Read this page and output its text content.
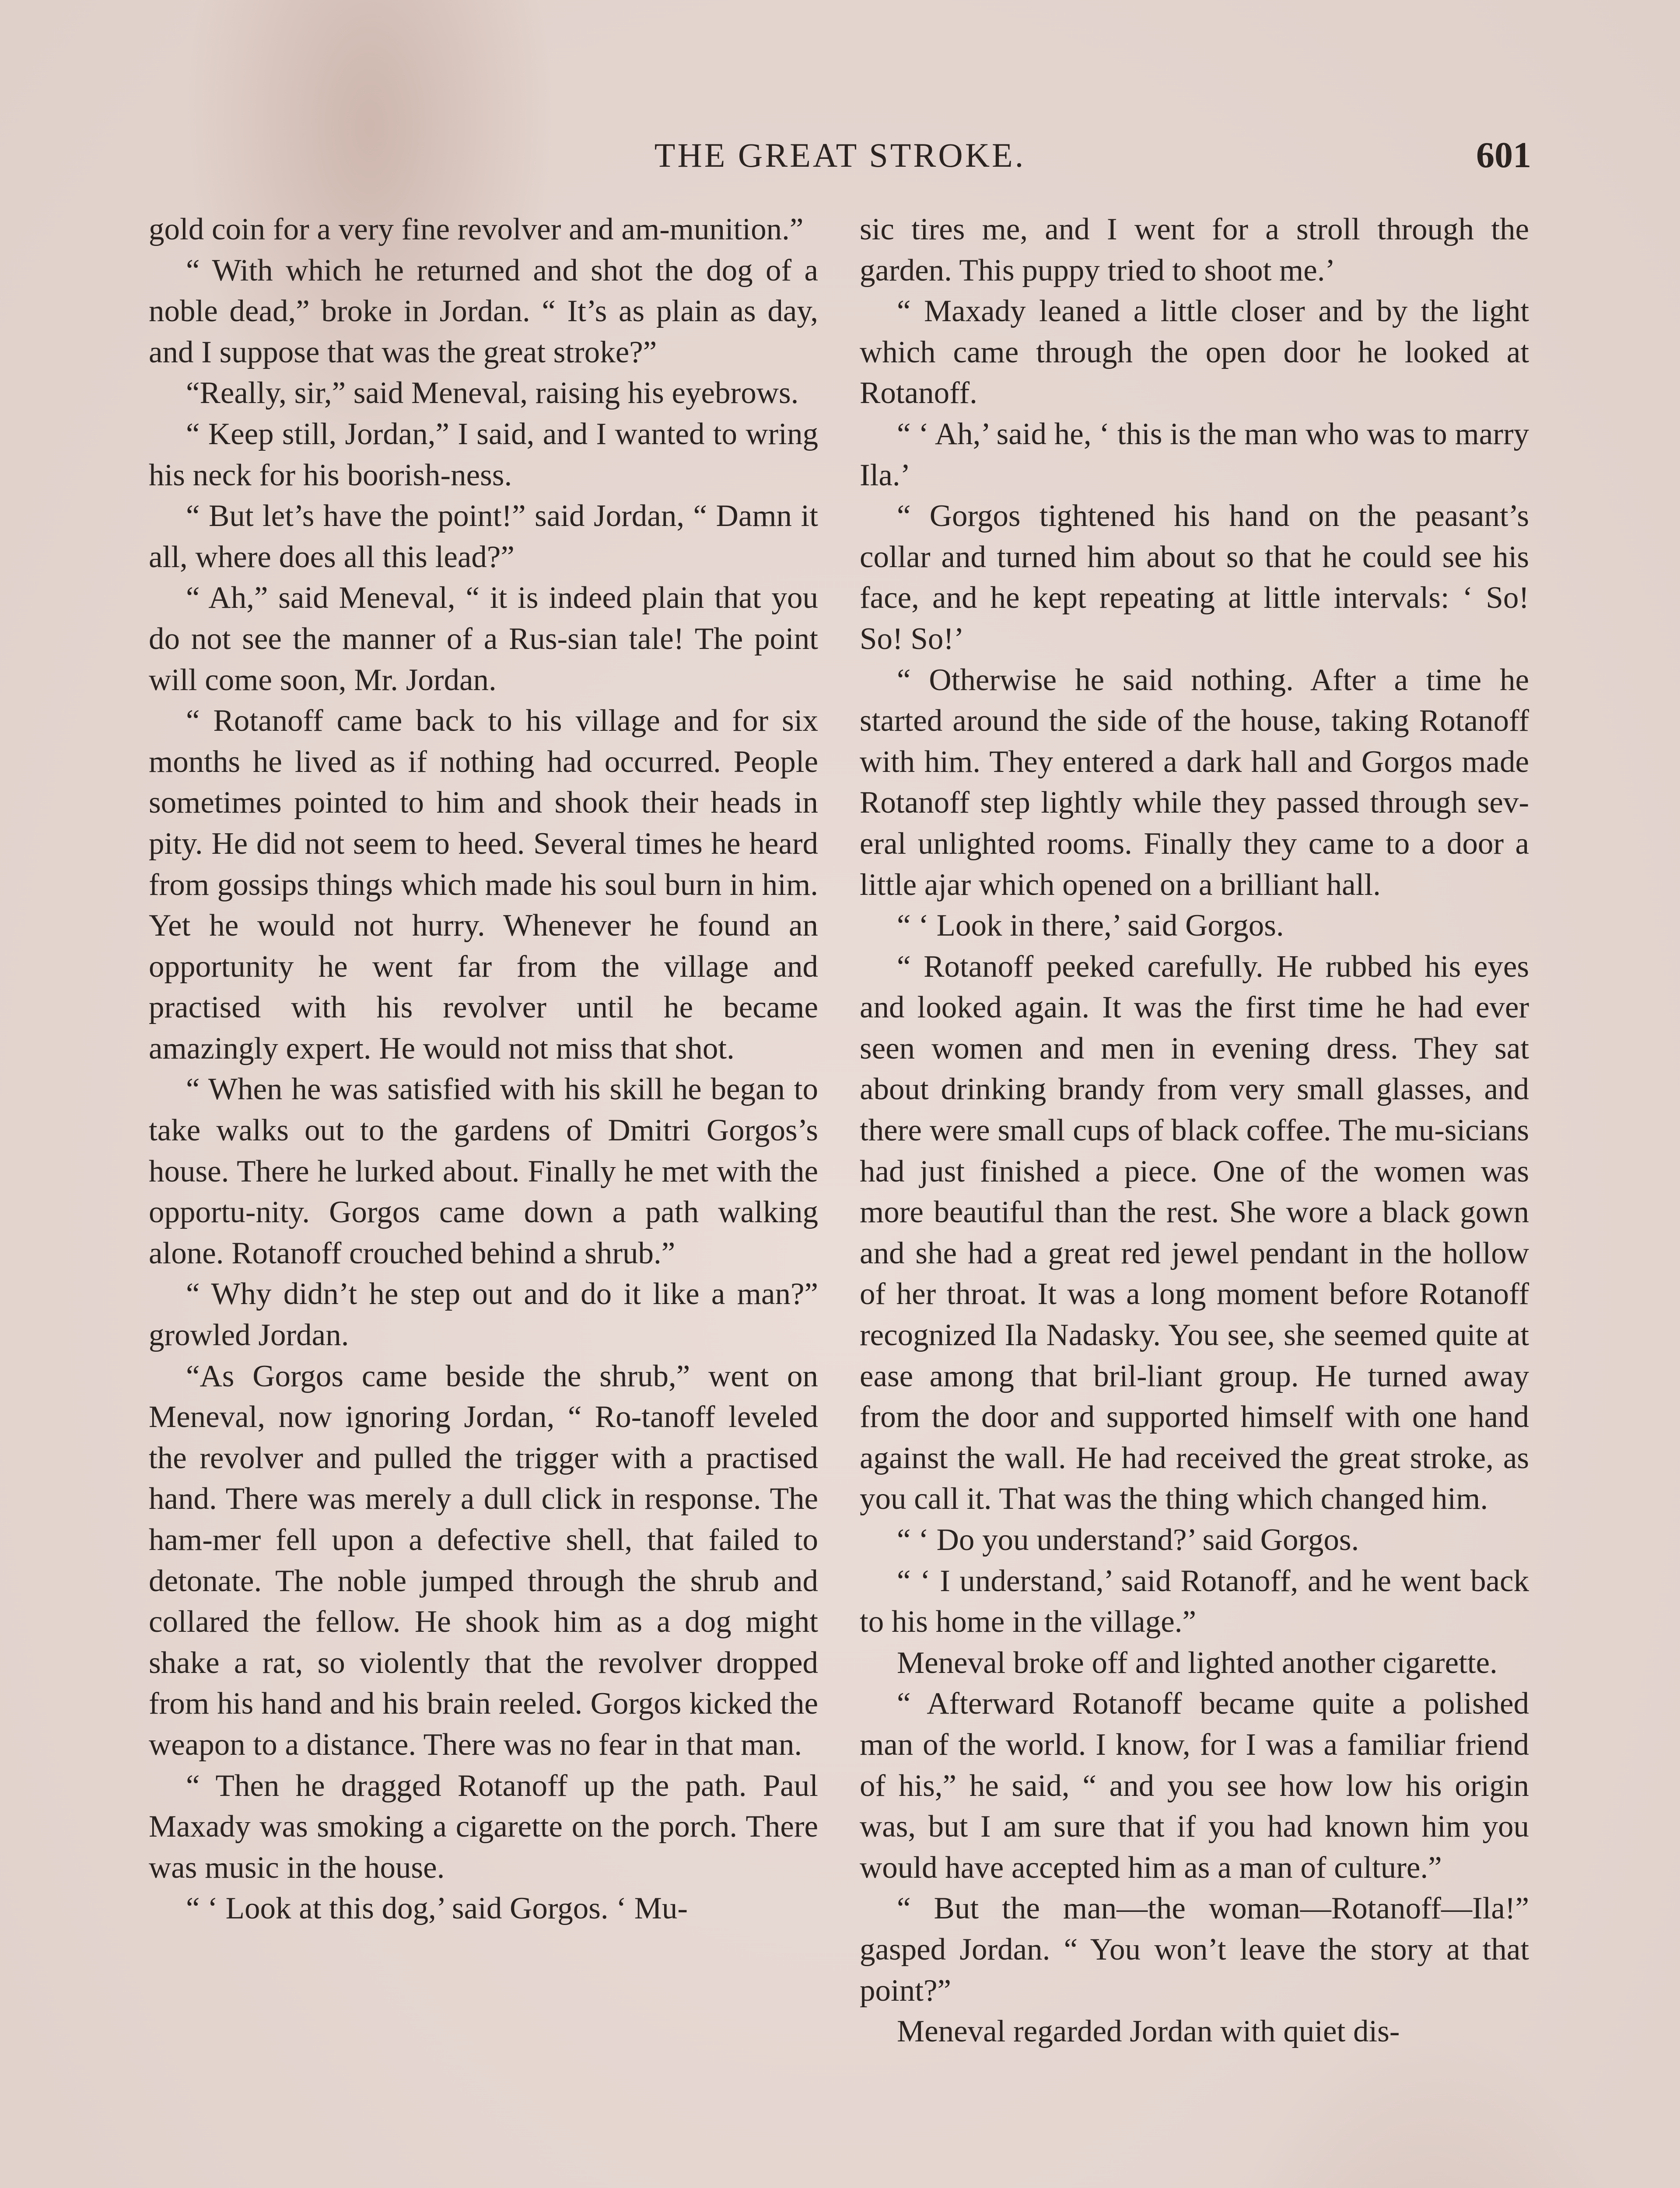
THE GREAT STROKE.	601

gold coin for a very fine revolver and am-munition.”

“ With which he returned and shot the dog of a noble dead,” broke in Jordan. “ It’s as plain as day, and I suppose that was the great stroke?”

“Really, sir,” said Meneval, raising his eyebrows.

“ Keep still, Jordan,” I said, and I wanted to wring his neck for his boorish-ness.

“ But let’s have the point!” said Jordan, “ Damn it all, where does all this lead?”

“ Ah,” said Meneval, “ it is indeed plain that you do not see the manner of a Rus-sian tale! The point will come soon, Mr. Jordan.

“ Rotanoff came back to his village and for six months he lived as if nothing had occurred. People sometimes pointed to him and shook their heads in pity. He did not seem to heed. Several times he heard from gossips things which made his soul burn in him. Yet he would not hurry. Whenever he found an opportunity he went far from the village and practised with his revolver until he became amazingly expert. He would not miss that shot.

“ When he was satisfied with his skill he began to take walks out to the gardens of Dmitri Gorgos’s house. There he lurked about. Finally he met with the opportu-nity. Gorgos came down a path walking alone. Rotanoff crouched behind a shrub.”

“ Why didn’t he step out and do it like a man?” growled Jordan.

“As Gorgos came beside the shrub,” went on Meneval, now ignoring Jordan, “ Ro-tanoff leveled the revolver and pulled the trigger with a practised hand. There was merely a dull click in response. The ham-mer fell upon a defective shell, that failed to detonate. The noble jumped through the shrub and collared the fellow. He shook him as a dog might shake a rat, so violently that the revolver dropped from his hand and his brain reeled. Gorgos kicked the weapon to a distance. There was no fear in that man.

“ Then he dragged Rotanoff up the path. Paul Maxady was smoking a cigarette on the porch. There was music in the house.

“ ‘ Look at this dog,’ said Gorgos. ‘ Mu-

sic tires me, and I went for a stroll through the garden. This puppy tried to shoot me.’

“ Maxady leaned a little closer and by the light which came through the open door he looked at Rotanoff.

“ ‘ Ah,’ said he, ‘ this is the man who was to marry Ila.’

“ Gorgos tightened his hand on the peasant’s collar and turned him about so that he could see his face, and he kept repeating at little intervals: ‘ So! So! So!’

“ Otherwise he said nothing. After a time he started around the side of the house, taking Rotanoff with him. They entered a dark hall and Gorgos made Rotanoff step lightly while they passed through sev-eral unlighted rooms. Finally they came to a door a little ajar which opened on a brilliant hall.

“ ‘ Look in there,’ said Gorgos.

“ Rotanoff peeked carefully. He rubbed his eyes and looked again. It was the first time he had ever seen women and men in evening dress. They sat about drinking brandy from very small glasses, and there were small cups of black coffee. The mu-sicians had just finished a piece. One of the women was more beautiful than the rest. She wore a black gown and she had a great red jewel pendant in the hollow of her throat. It was a long moment before Rotanoff recognized Ila Nadasky. You see, she seemed quite at ease among that bril-liant group. He turned away from the door and supported himself with one hand against the wall. He had received the great stroke, as you call it. That was the thing which changed him.

“ ‘ Do you understand?’ said Gorgos.

“ ‘ I understand,’ said Rotanoff, and he went back to his home in the village.”

Meneval broke off and lighted another cigarette.

“ Afterward Rotanoff became quite a polished man of the world. I know, for I was a familiar friend of his,” he said, “ and you see how low his origin was, but I am sure that if you had known him you would have accepted him as a man of culture.”

“ But the man—the woman—Rotanoff—Ila!” gasped Jordan. “ You won’t leave the story at that point?”

Meneval regarded Jordan with quiet dis-
